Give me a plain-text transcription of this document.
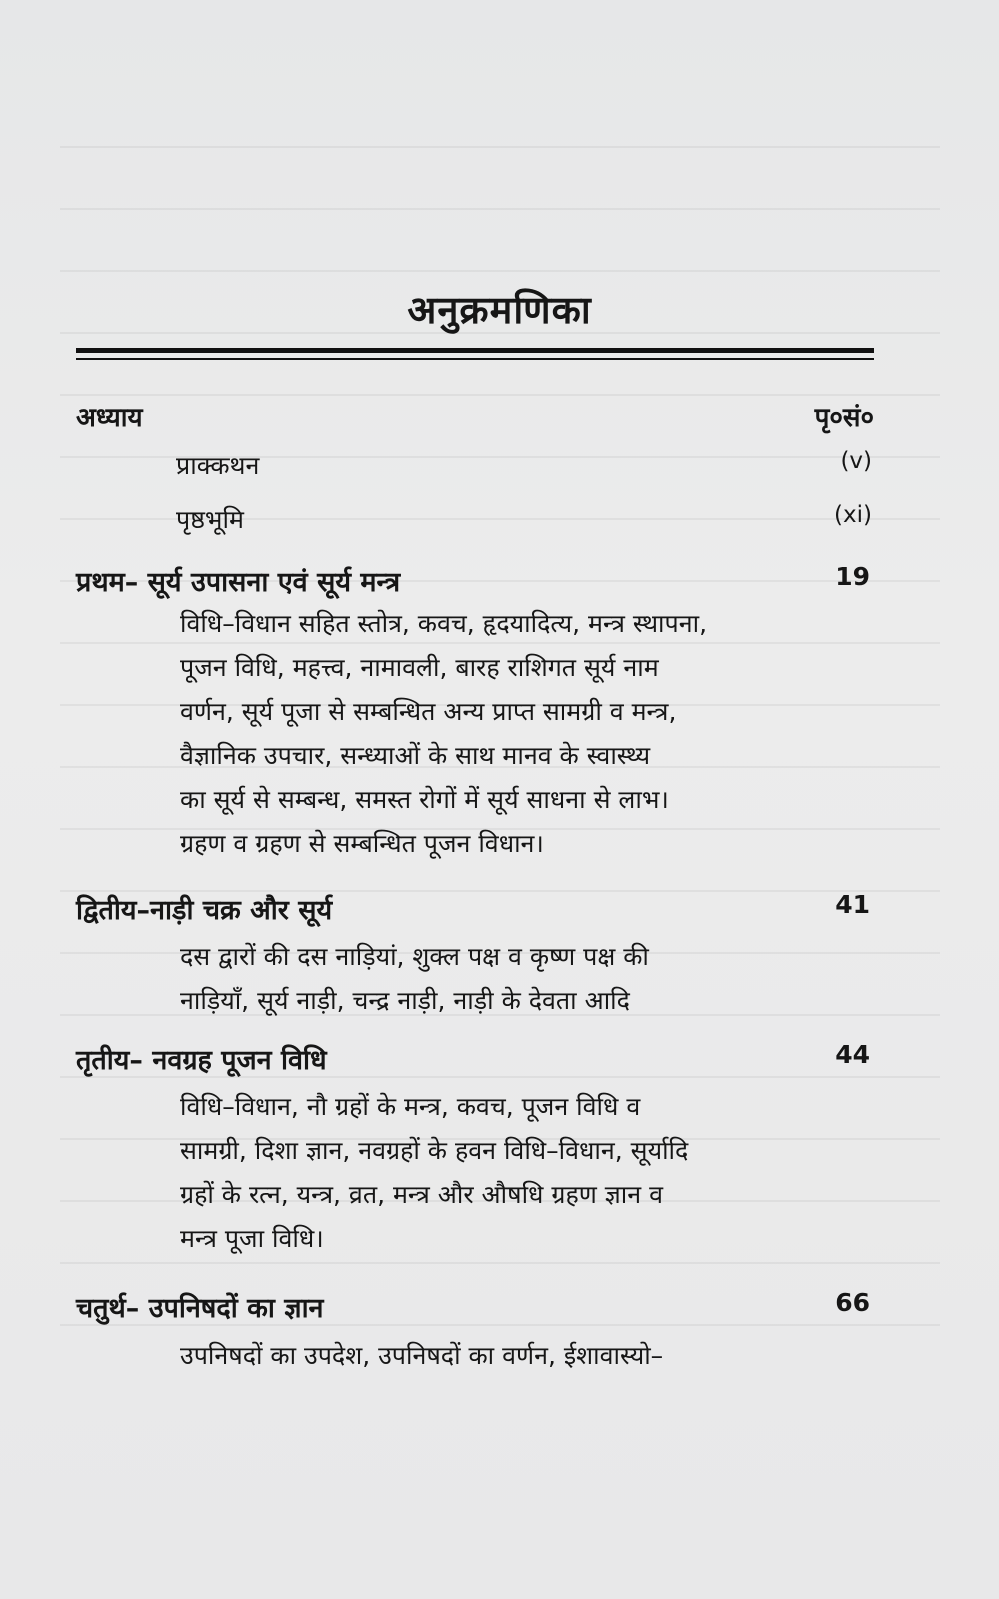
अनुक्रमणिका
अध्याय	पृ०सं०
प्राक्कथन	(v)
पृष्ठभूमि	(xi)
प्रथम– सूर्य उपासना एवं सूर्य मन्त्र	19
विधि–विधान सहित स्तोत्र, कवच, हृदयादित्य, मन्त्र स्थापना,
पूजन विधि, महत्त्व, नामावली, बारह राशिगत सूर्य नाम
वर्णन, सूर्य पूजा से सम्बन्धित अन्य प्राप्त सामग्री व मन्त्र,
वैज्ञानिक उपचार, सन्ध्याओं के साथ मानव के स्वास्थ्य
का सूर्य से सम्बन्ध, समस्त रोगों में सूर्य साधना से लाभ।
ग्रहण व ग्रहण से सम्बन्धित पूजन विधान।
द्वितीय–नाड़ी चक्र और सूर्य	41
दस द्वारों की दस नाड़ियां, शुक्ल पक्ष व कृष्ण पक्ष की
नाड़ियाँ, सूर्य नाड़ी, चन्द्र नाड़ी, नाड़ी के देवता आदि
तृतीय– नवग्रह पूजन विधि	44
विधि–विधान, नौ ग्रहों के मन्त्र, कवच, पूजन विधि व
सामग्री, दिशा ज्ञान, नवग्रहों के हवन विधि–विधान, सूर्यादि
ग्रहों के रत्न, यन्त्र, व्रत, मन्त्र और औषधि ग्रहण ज्ञान व
मन्त्र पूजा विधि।
चतुर्थ– उपनिषदों का ज्ञान	66
उपनिषदों का उपदेश, उपनिषदों का वर्णन, ईशावास्यो–
